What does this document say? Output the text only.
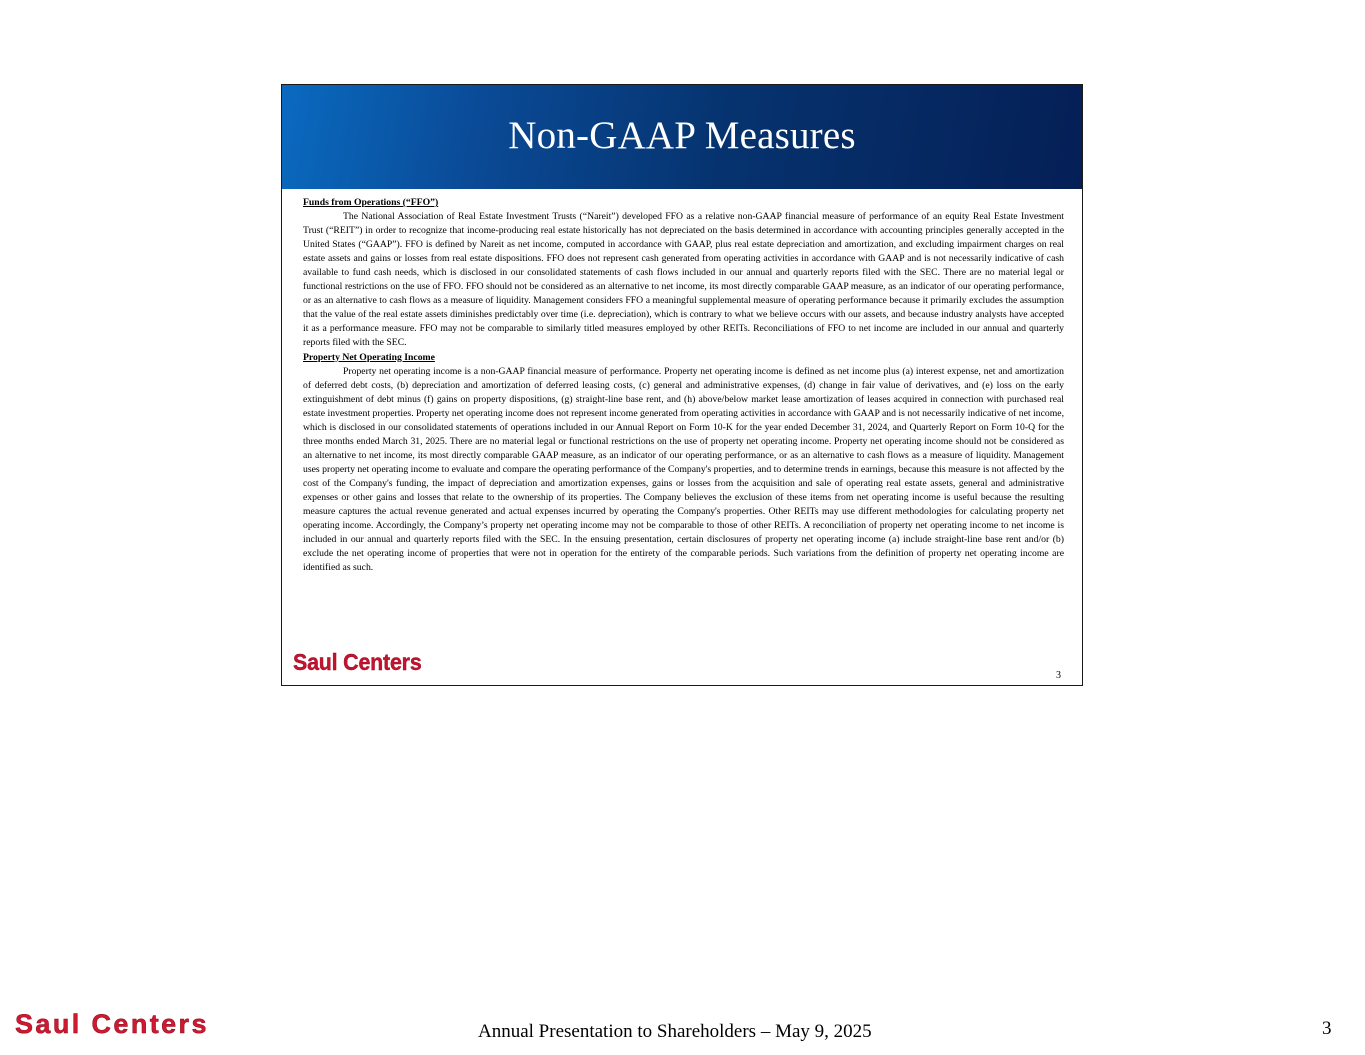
Non-GAAP Measures
Funds from Operations (“FFO”)

The National Association of Real Estate Investment Trusts (“Nareit”) developed FFO as a relative non-GAAP financial measure of performance of an equity Real Estate Investment Trust (“REIT”) in order to recognize that income-producing real estate historically has not depreciated on the basis determined in accordance with accounting principles generally accepted in the United States (“GAAP”). FFO is defined by Nareit as net income, computed in accordance with GAAP, plus real estate depreciation and amortization, and excluding impairment charges on real estate assets and gains or losses from real estate dispositions. FFO does not represent cash generated from operating activities in accordance with GAAP and is not necessarily indicative of cash available to fund cash needs, which is disclosed in our consolidated statements of cash flows included in our annual and quarterly reports filed with the SEC. There are no material legal or functional restrictions on the use of FFO. FFO should not be considered as an alternative to net income, its most directly comparable GAAP measure, as an indicator of our operating performance, or as an alternative to cash flows as a measure of liquidity. Management considers FFO a meaningful supplemental measure of operating performance because it primarily excludes the assumption that the value of the real estate assets diminishes predictably over time (i.e. depreciation), which is contrary to what we believe occurs with our assets, and because industry analysts have accepted it as a performance measure. FFO may not be comparable to similarly titled measures employed by other REITs. Reconciliations of FFO to net income are included in our annual and quarterly reports filed with the SEC.

Property Net Operating Income

Property net operating income is a non-GAAP financial measure of performance. Property net operating income is defined as net income plus (a) interest expense, net and amortization of deferred debt costs, (b) depreciation and amortization of deferred leasing costs, (c) general and administrative expenses, (d) change in fair value of derivatives, and (e) loss on the early extinguishment of debt minus (f) gains on property dispositions, (g) straight-line base rent, and (h) above/below market lease amortization of leases acquired in connection with purchased real estate investment properties. Property net operating income does not represent income generated from operating activities in accordance with GAAP and is not necessarily indicative of net income, which is disclosed in our consolidated statements of operations included in our Annual Report on Form 10-K for the year ended December 31, 2024, and Quarterly Report on Form 10-Q for the three months ended March 31, 2025. There are no material legal or functional restrictions on the use of property net operating income. Property net operating income should not be considered as an alternative to net income, its most directly comparable GAAP measure, as an indicator of our operating performance, or as an alternative to cash flows as a measure of liquidity. Management uses property net operating income to evaluate and compare the operating performance of the Company's properties, and to determine trends in earnings, because this measure is not affected by the cost of the Company's funding, the impact of depreciation and amortization expenses, gains or losses from the acquisition and sale of operating real estate assets, general and administrative expenses or other gains and losses that relate to the ownership of its properties. The Company believes the exclusion of these items from net operating income is useful because the resulting measure captures the actual revenue generated and actual expenses incurred by operating the Company's properties. Other REITs may use different methodologies for calculating property net operating income. Accordingly, the Company’s property net operating income may not be comparable to those of other REITs. A reconciliation of property net operating income to net income is included in our annual and quarterly reports filed with the SEC. In the ensuing presentation, certain disclosures of property net operating income (a) include straight-line base rent and/or (b) exclude the net operating income of properties that were not in operation for the entirety of the comparable periods. Such variations from the definition of property net operating income are identified as such.

Saul Centers
3
Saul Centers	Annual Presentation to Shareholders – May 9, 2025	3
